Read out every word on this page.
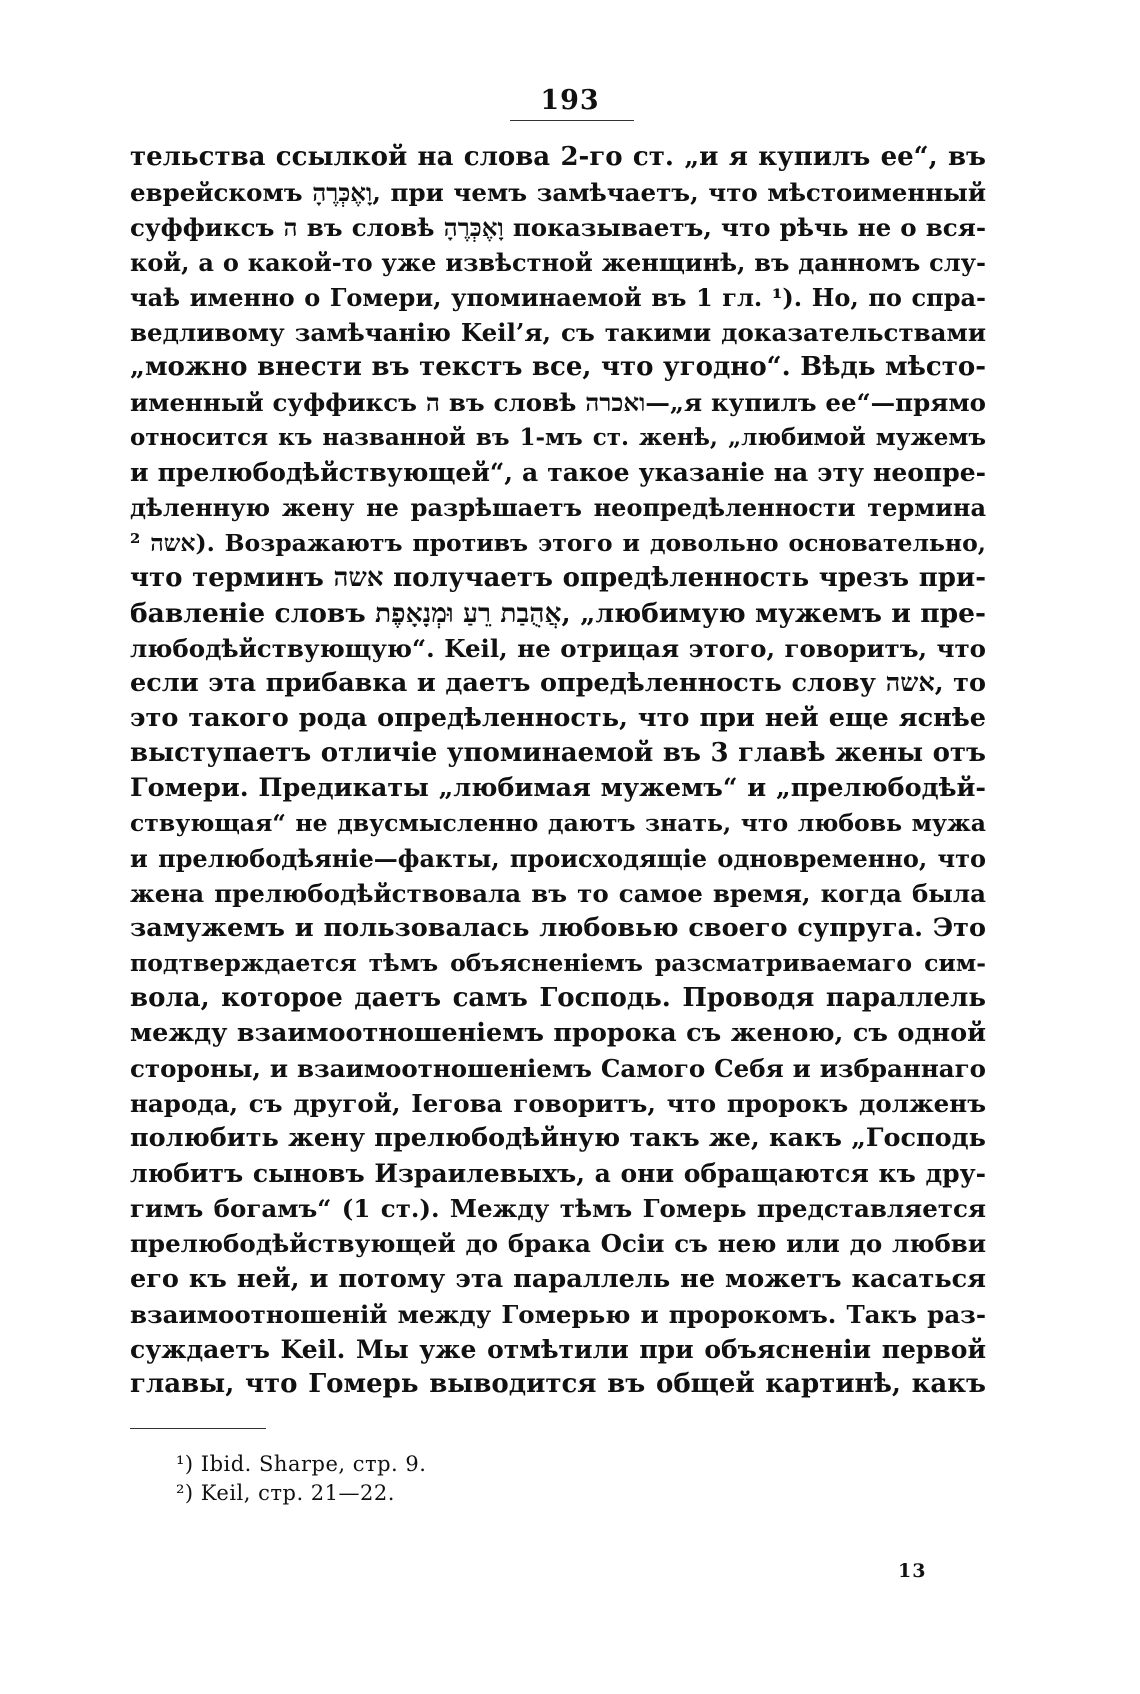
193
тельства ссылкой на слова 2-го ст. „и я купилъ ее“, въ
еврейскомъ וָאֶכְּרֶהָ, при чемъ замѣчаетъ, что мѣстоименный
суффиксъ ה въ словѣ וָאֶכְּרֶהָ показываетъ, что рѣчь не о вся-
кой, а о какой-то уже извѣстной женщинѣ, въ данномъ слу-
чаѣ именно о Гомери, упоминаемой въ 1 гл. ¹). Но, по спра-
ведливому замѣчанію Keil’я, съ такими доказательствами
„можно внести въ текстъ все, что угодно“. Вѣдь мѣсто-
именный суффиксъ ה въ словѣ ואכרה—„я купилъ ее“—прямо
относится къ названной въ 1-мъ ст. женѣ, „любимой мужемъ
и прелюбодѣйствующей“, а такое указаніе на эту неопре-
дѣленную жену не разрѣшаетъ неопредѣленности термина
אשה ²). Возражаютъ противъ этого и довольно основательно,
что терминъ אשה получаетъ опредѣленность чрезъ при-
бавленіе словъ אֲהֻבַת רֵעַ וּמְנָאָפֶת, „любимую мужемъ и пре-
любодѣйствующую“. Keil, не отрицая этого, говоритъ, что
если эта прибавка и даетъ опредѣленность слову אשה, то
это такого рода опредѣленность, что при ней еще яснѣе
выступаетъ отличіе упоминаемой въ 3 главѣ жены отъ
Гомери. Предикаты „любимая мужемъ“ и „прелюбодѣй-
ствующая“ не двусмысленно даютъ знать, что любовь мужа
и прелюбодѣяніе—факты, происходящіе одновременно, что
жена прелюбодѣйствовала въ то самое время, когда была
замужемъ и пользовалась любовью своего супруга. Это
подтверждается тѣмъ объясненіемъ разсматриваемаго сим-
вола, которое даетъ самъ Господь. Проводя параллель
между взаимоотношеніемъ пророка съ женою, съ одной
стороны, и взаимоотношеніемъ Самого Себя и избраннаго
народа, съ другой, Іегова говоритъ, что пророкъ долженъ
полюбить жену прелюбодѣйную такъ же, какъ „Господь
любитъ сыновъ Израилевыхъ, а они обращаются къ дру-
гимъ богамъ“ (1 ст.). Между тѣмъ Гомерь представляется
прелюбодѣйствующей до брака Осіи съ нею или до любви
его къ ней, и потому эта параллель не можетъ касаться
взаимоотношеній между Гомерью и пророкомъ. Такъ раз-
суждаетъ Keil. Мы уже отмѣтили при объясненіи первой
главы, что Гомерь выводится въ общей картинѣ, какъ
¹) Ibid. Sharpe, стр. 9.
²) Keil, стр. 21—22.
13
